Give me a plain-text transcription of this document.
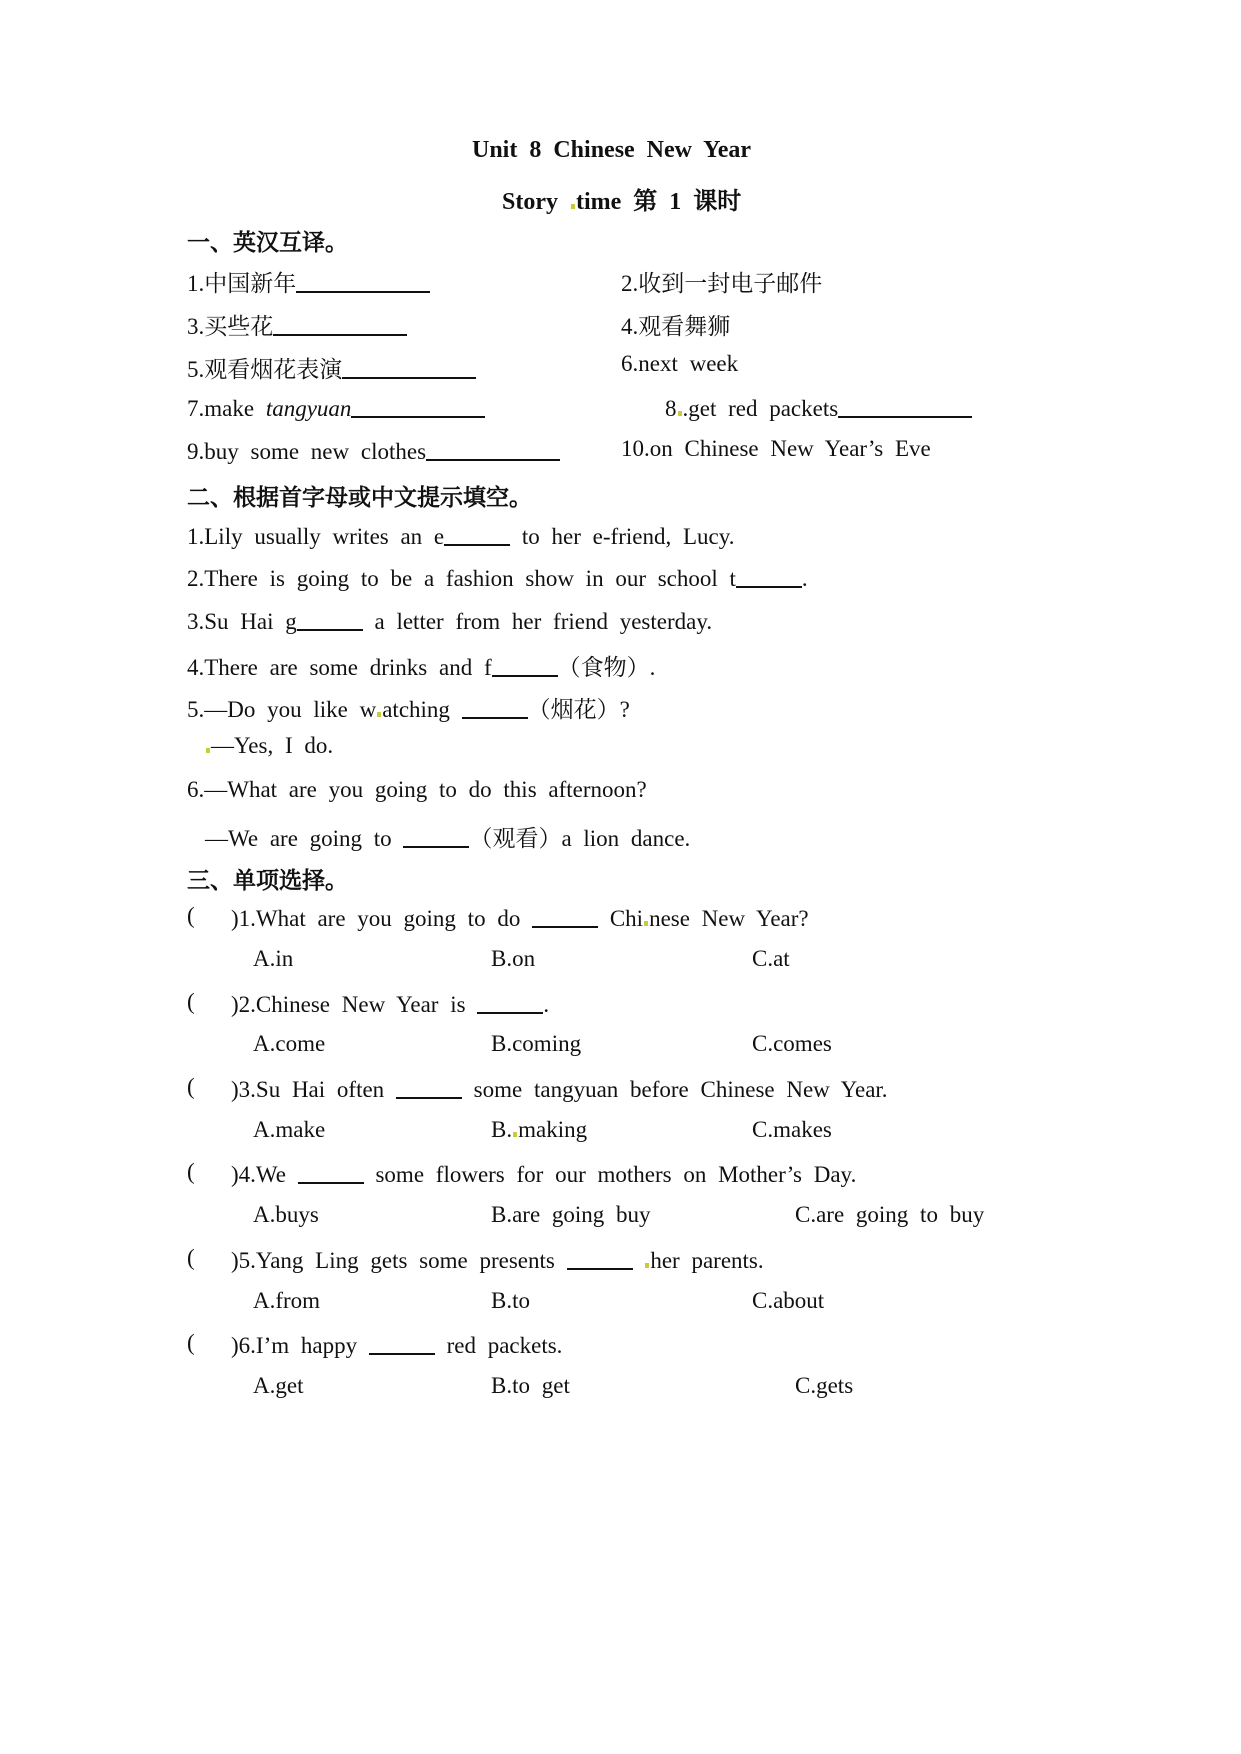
Unit 8 Chinese New Year
Story time 第 1 课时
一、英汉互译。
1.中国新年	2.收到一封电子邮件
3.买些花	4.观看舞狮
5.观看烟花表演	6.next week
7.make tangyuan	8 .get red packets
9.buy some new clothes	10.on Chinese New Year’s Eve
二、根据首字母或中文提示填空。
1.Lily usually writes an e	to her e-friend, Lucy.
2.There is going to be a fashion show in our school t	.
3.Su Hai g	a letter from her friend yesterday.
4.There are some drinks and f	（食物）.
5.—Do you like w atching	（烟花）?
—Yes, I do.
6.—What are you going to do this afternoon?
—We are going to	（观看）a lion dance.
三、单项选择。
( )1.What are you going to do	Chi nese New Year?
A.in	B.on	C.at
( )2.Chinese New Year is	.
A.come	B.coming	C.comes
( )3.Su Hai often	some tangyuan before Chinese New Year.
A.make	B. making	C.makes
( )4.We	some flowers for our mothers on Mother’s Day.
A.buys	B.are going buy	C.are going to buy
( )5.Yang Ling gets some presents	her parents.
A.from	B.to	C.about
( )6.I’m happy	red packets.
A.get	B.to get	C.gets
